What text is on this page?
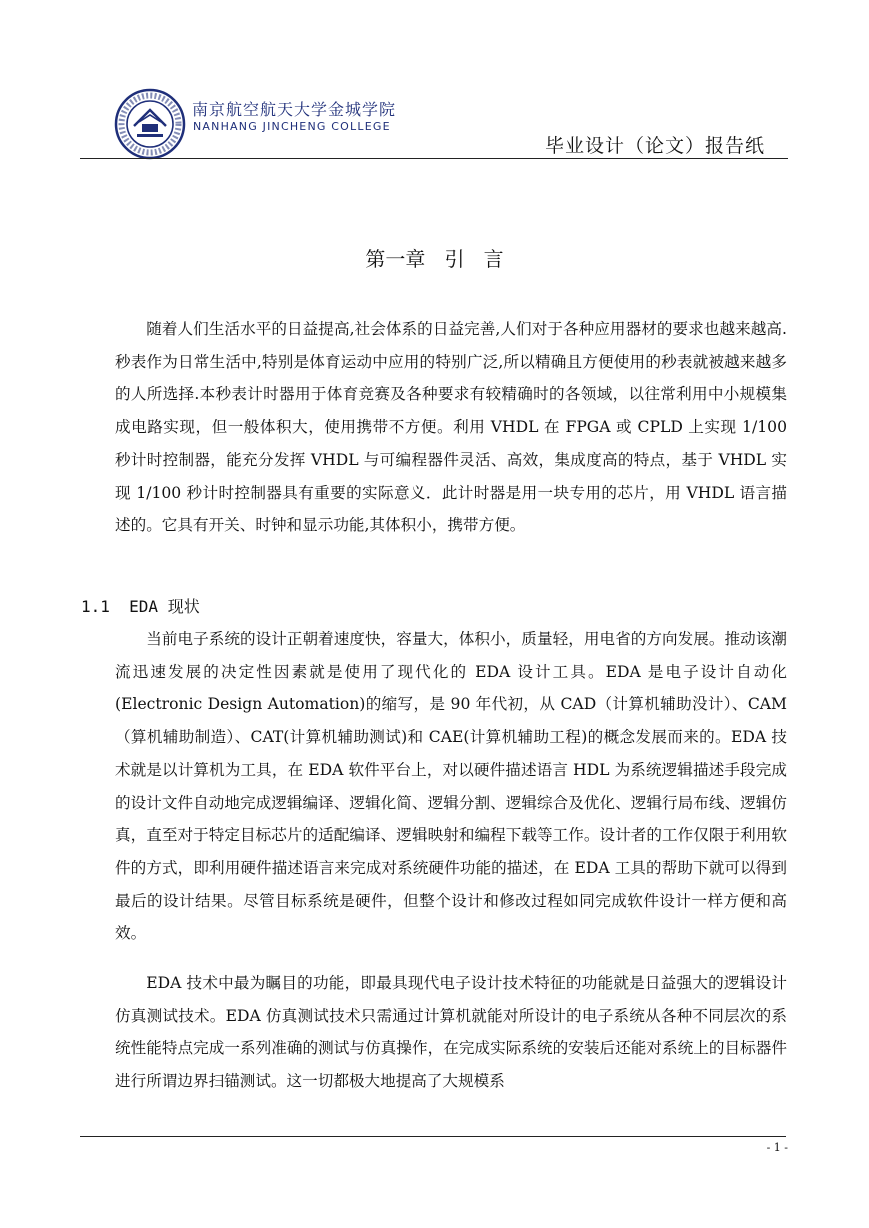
南京航空航天大学金城学院
NANHANG JINCHENG COLLEGE
毕业设计（论文）报告纸
第一章   引   言

随着人们生活水平的日益提高,社会体系的日益完善,人们对于各种应用器材的要求也越来越高.秒表作为日常生活中,特别是体育运动中应用的特别广泛,所以精确且方便使用的秒表就被越来越多的人所选择.本秒表计时器用于体育竞赛及各种要求有较精确时的各领域，以往常利用中小规模集成电路实现，但一般体积大，使用携带不方便。利用 VHDL 在 FPGA 或 CPLD 上实现 1/100 秒计时控制器，能充分发挥 VHDL 与可编程器件灵活、高效，集成度高的特点，基于 VHDL 实现 1/100 秒计时控制器具有重要的实际意义．此计时器是用一块专用的芯片，用 VHDL 语言描述的。它具有开关、时钟和显示功能,其体积小，携带方便。

1.1  EDA 现状

当前电子系统的设计正朝着速度快，容量大，体积小，质量轻，用电省的方向发展。推动该潮流迅速发展的决定性因素就是使用了现代化的 EDA 设计工具。EDA 是电子设计自动化(Electronic Design Automation)的缩写，是 90 年代初，从 CAD（计算机辅助没计）、CAM（算机辅助制造）、CAT(计算机辅助测试)和 CAE(计算机辅助工程)的概念发展而来的。EDA 技术就是以计算机为工具，在 EDA 软件平台上，对以硬件描述语言 HDL 为系统逻辑描述手段完成的设计文件自动地完成逻辑编译、逻辑化简、逻辑分割、逻辑综合及优化、逻辑行局布线、逻辑仿真，直至对于特定目标芯片的适配编译、逻辑映射和编程下载等工作。设计者的工作仅限于利用软件的方式，即利用硬件描述语言来完成对系统硬件功能的描述，在 EDA 工具的帮助下就可以得到最后的设计结果。尽管目标系统是硬件，但整个设计和修改过程如同完成软件设计一样方便和高效。

EDA 技术中最为瞩目的功能，即最具现代电子设计技术特征的功能就是日益强大的逻辑设计仿真测试技术。EDA 仿真测试技术只需通过计算机就能对所设计的电子系统从各种不同层次的系统性能特点完成一系列准确的测试与仿真操作，在完成实际系统的安装后还能对系统上的目标器件进行所谓边界扫锚测试。这一切都极大地提高了大规模系

- 1 -
